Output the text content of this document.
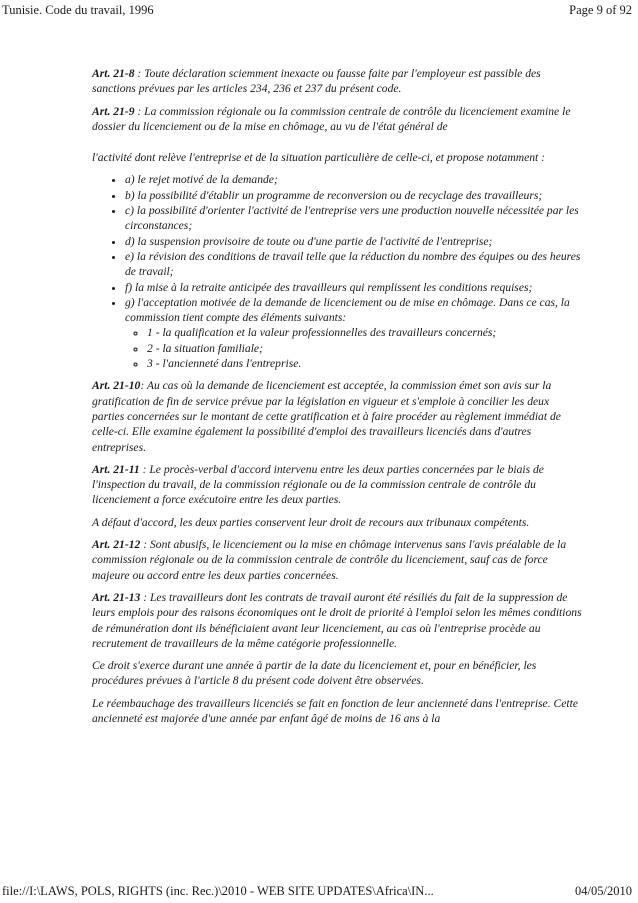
Tunisie. Code du travail, 1996	Page 9 of 92

Art. 21-8 : Toute déclaration sciemment inexacte ou fausse faite par l'employeur est passible des sanctions prévues par les articles 234, 236 et 237 du présent code.

Art. 21-9 : La commission régionale ou la commission centrale de contrôle du licenciement examine le dossier du licenciement ou de la mise en chômage, au vu de l'état général de

l'activité dont relève l'entreprise et de la situation particulière de celle-ci, et propose notamment :

• a) le rejet motivé de la demande;
• b) la possibilité d'établir un programme de reconversion ou de recyclage des travailleurs;
• c) la possibilité d'orienter l'activité de l'entreprise vers une production nouvelle nécessitée par les circonstances;
• d) la suspension provisoire de toute ou d'une partie de l'activité de l'entreprise;
• e) la révision des conditions de travail telle que la réduction du nombre des équipes ou des heures de travail;
• f) la mise à la retraite anticipée des travailleurs qui remplissent les conditions requises;
• g) l'acceptation motivée de la demande de licenciement ou de mise en chômage. Dans ce cas, la commission tient compte des éléments suivants:
◦ 1 - la qualification et la valeur professionnelles des travailleurs concernés;
◦ 2 - la situation familiale;
◦ 3 - l'ancienneté dans l'entreprise.

Art. 21-10: Au cas où la demande de licenciement est acceptée, la commission émet son avis sur la gratification de fin de service prévue par la législation en vigueur et s'emploie à concilier les deux parties concernées sur le montant de cette gratification et à faire procéder au règlement immédiat de celle-ci. Elle examine également la possibilité d'emploi des travailleurs licenciés dans d'autres entreprises.

Art. 21-11 : Le procès-verbal d'accord intervenu entre les deux parties concernées par le biais de l'inspection du travail, de la commission régionale ou de la commission centrale de contrôle du licenciement a force exécutoire entre les deux parties.

A défaut d'accord, les deux parties conservent leur droit de recours aux tribunaux compétents.

Art. 21-12 : Sont abusifs, le licenciement ou la mise en chômage intervenus sans l'avis préalable de la commission régionale ou de la commission centrale de contrôle du licenciement, sauf cas de force majeure ou accord entre les deux parties concernées.

Art. 21-13 : Les travailleurs dont les contrats de travail auront été résiliés du fait de la suppression de leurs emplois pour des raisons économiques ont le droit de priorité à l'emploi selon les mêmes conditions de rémunération dont ils bénéficiaient avant leur licenciement, au cas où l'entreprise procède au recrutement de travailleurs de la même catégorie professionnelle.

Ce droit s'exerce durant une année à partir de la date du licenciement et, pour en bénéficier, les procédures prévues à l'article 8 du présent code doivent être observées.

Le réembauchage des travailleurs licenciés se fait en fonction de leur ancienneté dans l'entreprise. Cette ancienneté est majorée d'une année par enfant âgé de moins de 16 ans à la

file://I:\LAWS, POLS, RIGHTS (inc. Rec.)\2010 - WEB SITE UPDATES\Africa\IN...	04/05/2010
